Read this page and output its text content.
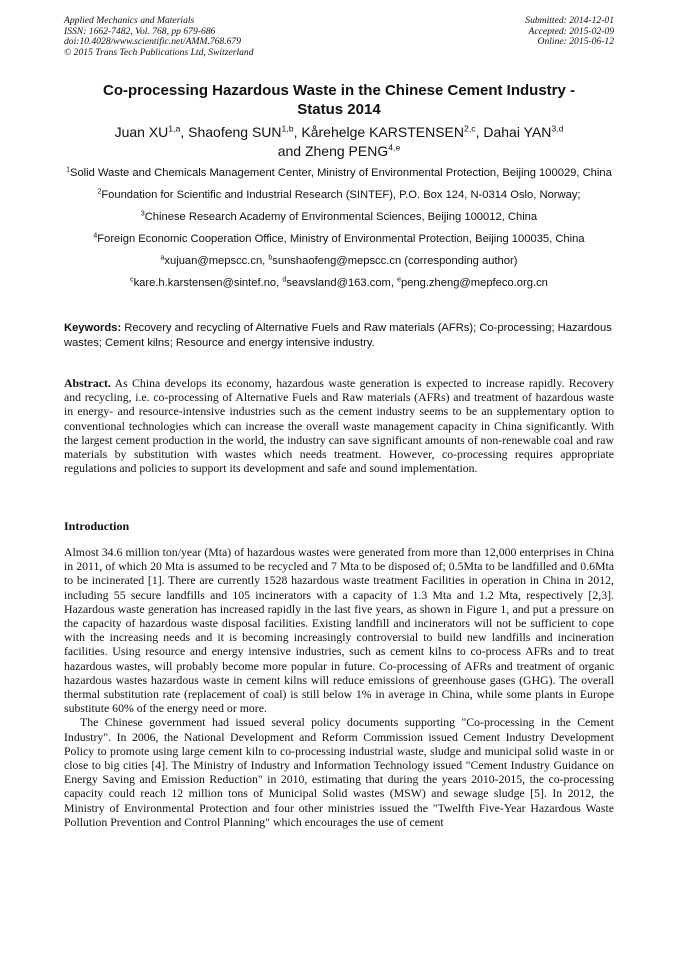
Applied Mechanics and Materials
ISSN: 1662-7482, Vol. 768, pp 679-686
doi:10.4028/www.scientific.net/AMM.768.679
© 2015 Trans Tech Publications Ltd, Switzerland
Submitted: 2014-12-01
Accepted: 2015-02-09
Online: 2015-06-12
Co-processing Hazardous Waste in the Chinese Cement Industry -
Status 2014
Juan XU$^{1,a}$, Shaofeng SUN$^{1,b}$, Kårehelge KARSTENSEN$^{2,c}$, Dahai YAN$^{3,d}$
and Zheng PENG$^{4,e}$
$^1$Solid Waste and Chemicals Management Center, Ministry of Environmental Protection, Beijing 100029, China
$^2$Foundation for Scientific and Industrial Research (SINTEF), P.O. Box 124, N-0314 Oslo, Norway;
$^3$Chinese Research Academy of Environmental Sciences, Beijing 100012, China
$^4$Foreign Economic Cooperation Office, Ministry of Environmental Protection, Beijing 100035, China
$^a$xujuan@mepscc.cn, $^b$sunshaofeng@mepscc.cn (corresponding author)
$^c$kare.h.karstensen@sintef.no, $^d$seavsland@163.com, $^e$peng.zheng@mepfeco.org.cn
Keywords: Recovery and recycling of Alternative Fuels and Raw materials (AFRs); Co-processing; Hazardous wastes; Cement kilns; Resource and energy intensive industry.
Abstract. As China develops its economy, hazardous waste generation is expected to increase rapidly. Recovery and recycling, i.e. co-processing of Alternative Fuels and Raw materials (AFRs) and treatment of hazardous waste in energy- and resource-intensive industries such as the cement industry seems to be an supplementary option to conventional technologies which can increase the overall waste management capacity in China significantly. With the largest cement production in the world, the industry can save significant amounts of non-renewable coal and raw materials by substitution with wastes which needs treatment. However, co-processing requires appropriate regulations and policies to support its development and safe and sound implementation.
Introduction

Almost 34.6 million ton/year (Mta) of hazardous wastes were generated from more than 12,000 enterprises in China in 2011, of which 20 Mta is assumed to be recycled and 7 Mta to be disposed of; 0.5Mta to be landfilled and 0.6Mta to be incinerated [1]. There are currently 1528 hazardous waste treatment Facilities in operation in China in 2012, including 55 secure landfills and 105 incinerators with a capacity of 1.3 Mta and 1.2 Mta, respectively [2,3]. Hazardous waste generation has increased rapidly in the last five years, as shown in Figure 1, and put a pressure on the capacity of hazardous waste disposal facilities. Existing landfill and incinerators will not be sufficient to cope with the increasing needs and it is becoming increasingly controversial to build new landfills and incineration facilities. Using resource and energy intensive industries, such as cement kilns to co-process AFRs and to treat hazardous wastes, will probably become more popular in future. Co-processing of AFRs and treatment of organic hazardous wastes hazardous waste in cement kilns will reduce emissions of greenhouse gases (GHG). The overall thermal substitution rate (replacement of coal) is still below 1% in average in China, while some plants in Europe substitute 60% of the energy need or more.

The Chinese government had issued several policy documents supporting "Co-processing in the Cement Industry". In 2006, the National Development and Reform Commission issued Cement Industry Development Policy to promote using large cement kiln to co-processing industrial waste, sludge and municipal solid waste in or close to big cities [4]. The Ministry of Industry and Information Technology issued "Cement Industry Guidance on Energy Saving and Emission Reduction" in 2010, estimating that during the years 2010-2015, the co-processing capacity could reach 12 million tons of Municipal Solid wastes (MSW) and sewage sludge [5]. In 2012, the Ministry of Environmental Protection and four other ministries issued the "Twelfth Five-Year Hazardous Waste Pollution Prevention and Control Planning" which encourages the use of cement
